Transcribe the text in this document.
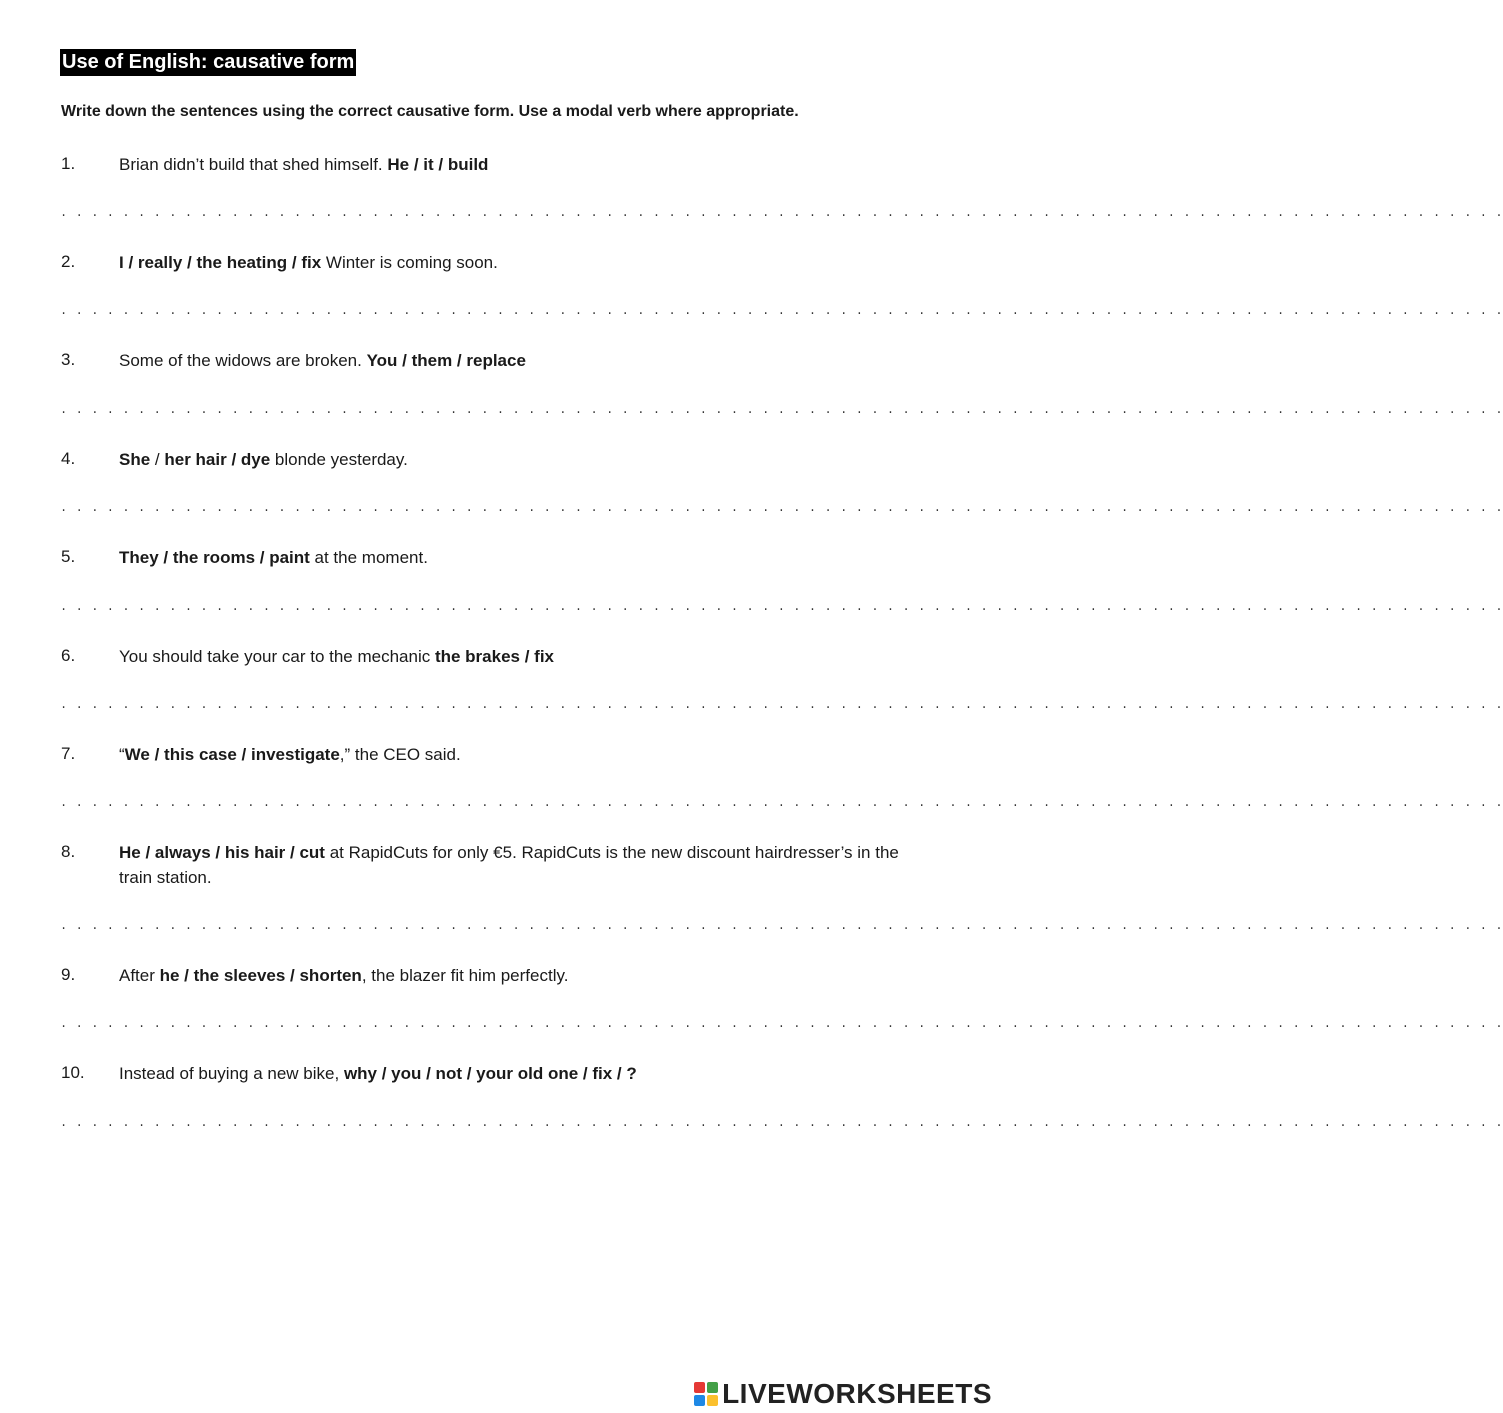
Use of English: causative form
Write down the sentences using the correct causative form. Use a modal verb where appropriate.
1.	Brian didn’t build that shed himself. He / it / build
. . . . . . . . . . . . . . . . . . . . . . . . . . . . . . . . . . . . . . . . . . . . . . . . . . . . . . . . . . . . . . . . . . . . . . . . . . . . . . . . . . . . . . . . . . . . .
2.	I / really / the heating / fix Winter is coming soon.
. . . . . . . . . . . . . . . . . . . . . . . . . . . . . . . . . . . . . . . . . . . . . . . . . . . . . . . . . . . . . . . . . . . . . . . . . . . . . . . . . . . . . . . . . . . . .
3.	Some of the widows are broken. You / them / replace
. . . . . . . . . . . . . . . . . . . . . . . . . . . . . . . . . . . . . . . . . . . . . . . . . . . . . . . . . . . . . . . . . . . . . . . . . . . . . . . . . . . . . . . . . . . . .
4.	She / her hair / dye blonde yesterday.
. . . . . . . . . . . . . . . . . . . . . . . . . . . . . . . . . . . . . . . . . . . . . . . . . . . . . . . . . . . . . . . . . . . . . . . . . . . . . . . . . . . . . . . . . . . . .
5.	They / the rooms / paint at the moment.
. . . . . . . . . . . . . . . . . . . . . . . . . . . . . . . . . . . . . . . . . . . . . . . . . . . . . . . . . . . . . . . . . . . . . . . . . . . . . . . . . . . . . . . . . . . . .
6.	You should take your car to the mechanic the brakes / fix
. . . . . . . . . . . . . . . . . . . . . . . . . . . . . . . . . . . . . . . . . . . . . . . . . . . . . . . . . . . . . . . . . . . . . . . . . . . . . . . . . . . . . . . . . . . . .
7.	“We / this case / investigate,” the CEO said.
. . . . . . . . . . . . . . . . . . . . . . . . . . . . . . . . . . . . . . . . . . . . . . . . . . . . . . . . . . . . . . . . . . . . . . . . . . . . . . . . . . . . . . . . . . . . .
8.	He / always / his hair / cut at RapidCuts for only €5. RapidCuts is the new discount hairdresser’s in the train station.
. . . . . . . . . . . . . . . . . . . . . . . . . . . . . . . . . . . . . . . . . . . . . . . . . . . . . . . . . . . . . . . . . . . . . . . . . . . . . . . . . . . . . . . . . . . . .
9.	After he / the sleeves / shorten, the blazer fit him perfectly.
. . . . . . . . . . . . . . . . . . . . . . . . . . . . . . . . . . . . . . . . . . . . . . . . . . . . . . . . . . . . . . . . . . . . . . . . . . . . . . . . . . . . . . . . . . . . .
10. Instead of buying a new bike, why / you / not / your old one / fix / ?
. . . . . . . . . . . . . . . . . . . . . . . . . . . . . . . . . . . . . . . . . . . . . . . . . . . . . . . . . . . . . . . . . . . . . . . . . . . . . . . . . . . . . . . . . . . . .
LIVEWORKSHEETS
